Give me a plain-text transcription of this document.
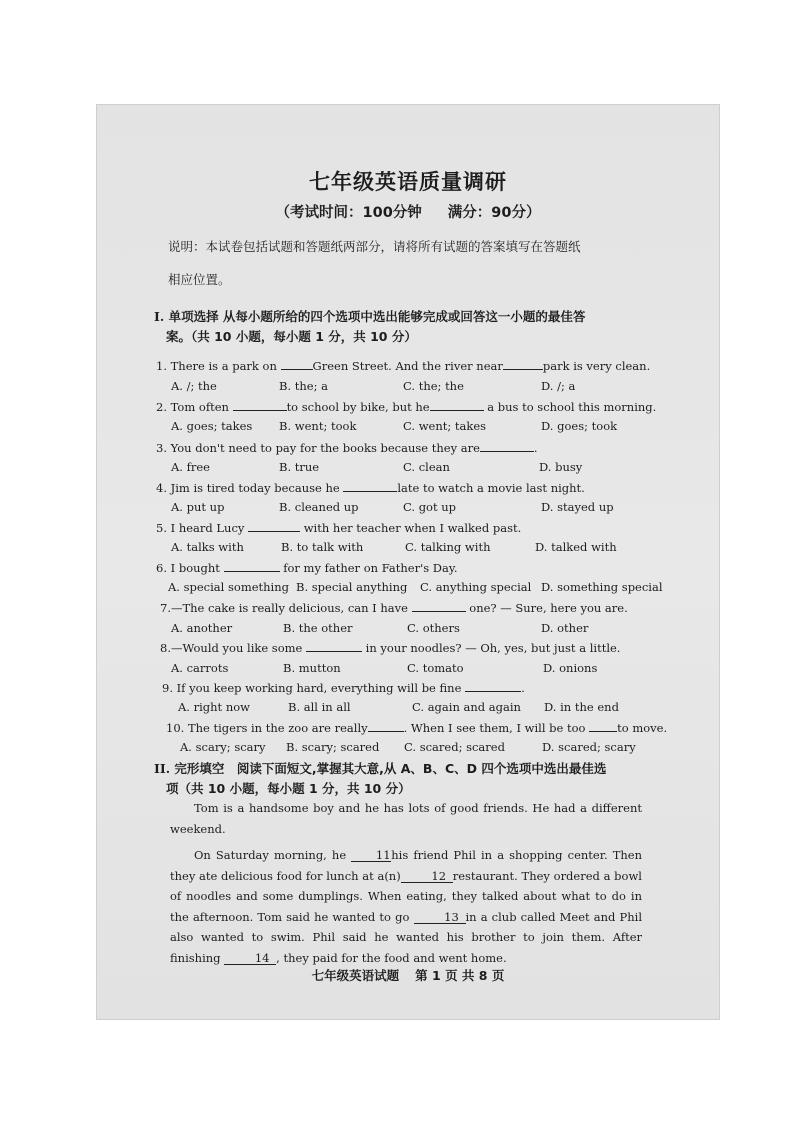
七年级英语质量调研
（考试时间：100分钟 满分：90分）
说明：本试卷包括试题和答题纸两部分，请将所有试题的答案填写在答题纸
相应位置。
I. 单项选择 从每小题所给的四个选项中选出能够完成或回答这一小题的最佳答
案。（共 10 小题，每小题 1 分，共 10 分）
1. There is a park on	Green Street. And the river near	park is very clean.
A. /; the	B. the; a	C. the; the	D. /; a
2. Tom often	to school by bike, but he	a bus to school this morning.
A. goes; takes B. went; took	C. went; takes	D. goes; took
3. You don't need to pay for the books because they are	.
A. free	B. true	C. clean	D. busy
4. Jim is tired today because he	late to watch a movie last night.
A. put up	B. cleaned up	C. got up	D. stayed up
5. I heard Lucy	with her teacher when I walked past.
A. talks with	B. to talk with	C. talking with	D. talked with
6. I bought	for my father on Father's Day.
A. special something B. special anything C. anything special D. something special
7.—The cake is really delicious, can I have	one? — Sure, here you are.
A. another	B. the other	C. others	D. other
8.—Would you like some	in your noodles? — Oh, yes, but just a little.
A. carrots	B. mutton	C. tomato	D. onions
9. If you keep working hard, everything will be fine	.
A. right now	B. all in all	C. again and again D. in the end
10. The tigers in the zoo are really	. When I see them, I will be too to move.
A. scary; scary B. scary; scared C. scared; scared	D. scared; scary
II. 完形填空　阅读下面短文,掌握其大意,从 A、B、C、D 四个选项中选出最佳选
项（共 10 小题，每小题 1 分，共 10 分）

Tom is a handsome boy and he has lots of good friends. He had a different weekend.

On Saturday morning, he 11his friend Phil in a shopping center. Then they ate delicious food for lunch at a(n)	12 restaurant. They ordered a bowl of noodles and some dumplings. When eating, they talked about what to do in the afternoon. Tom said he wanted to go	13 in a club called Meet and Phil also wanted to swim. Phil said he wanted his brother to join them. After finishing	14 , they paid for the food and went home.

七年级英语试题 第 1 页 共 8 页
